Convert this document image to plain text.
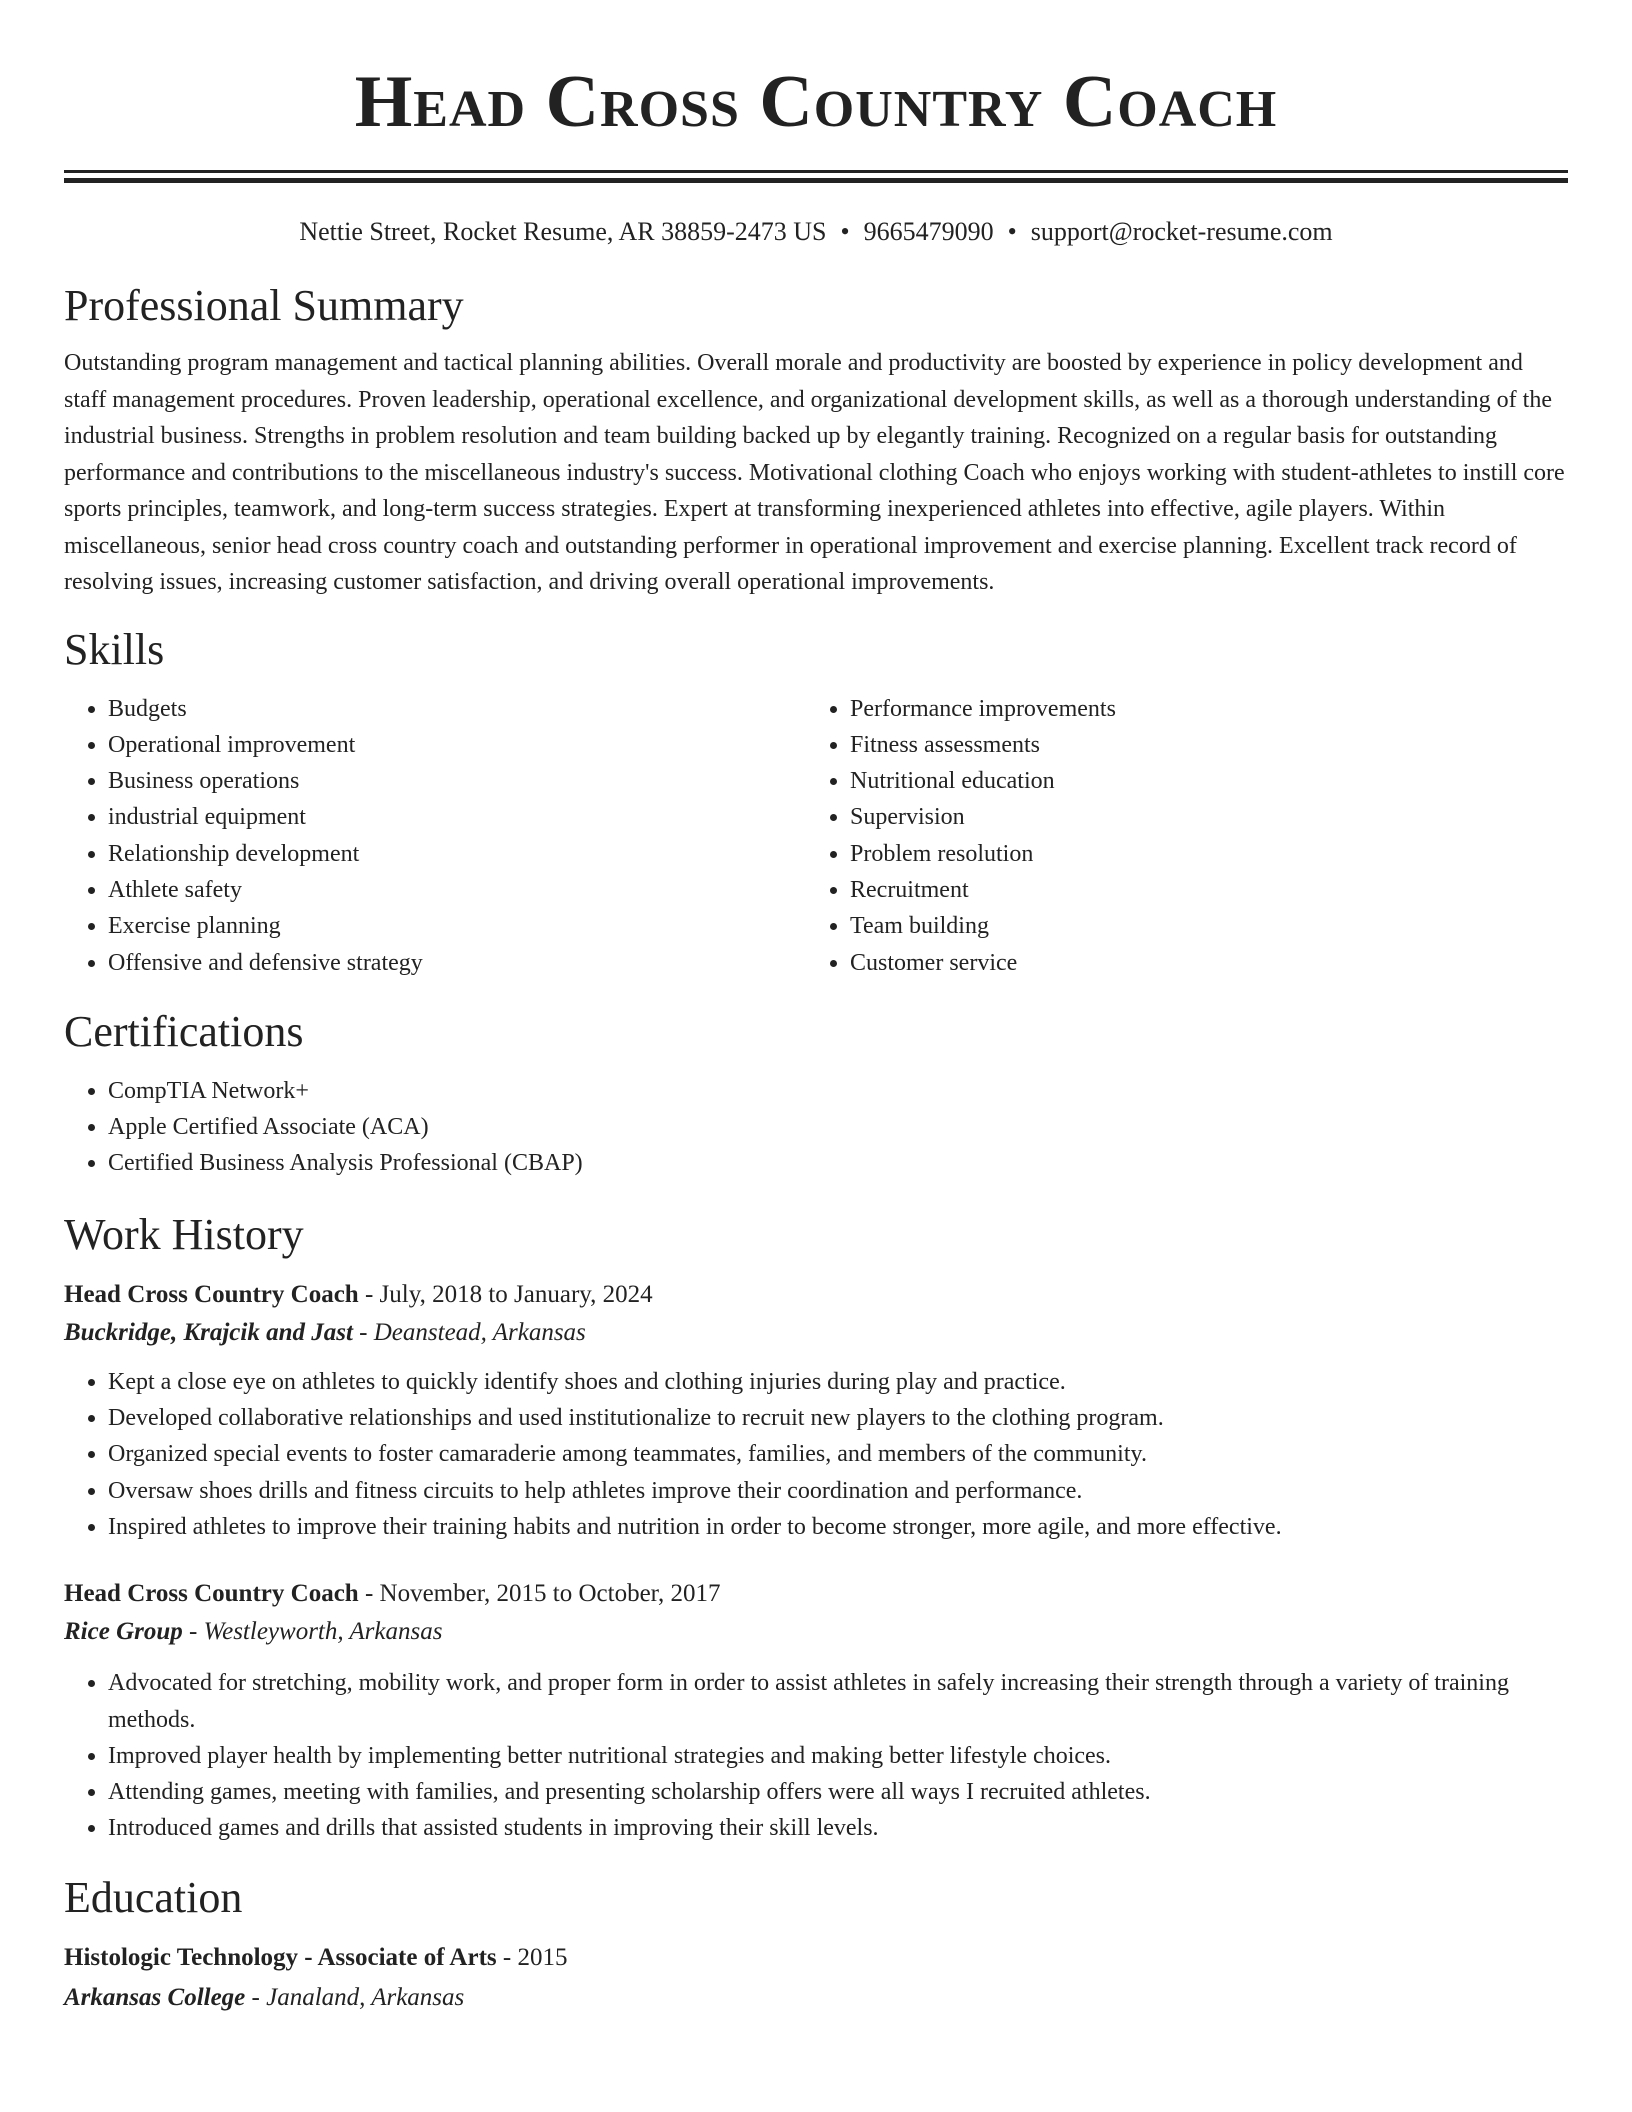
Head Cross Country Coach
Nettie Street, Rocket Resume, AR 38859-2473 US • 9665479090 • support@rocket-resume.com
Professional Summary

Outstanding program management and tactical planning abilities. Overall morale and productivity are boosted by experience in policy development and staff management procedures. Proven leadership, operational excellence, and organizational development skills, as well as a thorough understanding of the industrial business. Strengths in problem resolution and team building backed up by elegantly training. Recognized on a regular basis for outstanding performance and contributions to the miscellaneous industry's success. Motivational clothing Coach who enjoys working with student-athletes to instill core sports principles, teamwork, and long-term success strategies. Expert at transforming inexperienced athletes into effective, agile players. Within miscellaneous, senior head cross country coach and outstanding performer in operational improvement and exercise planning. Excellent track record of resolving issues, increasing customer satisfaction, and driving overall operational improvements.

Skills
• Budgets
• Operational improvement
• Business operations
• industrial equipment
• Relationship development
• Athlete safety
• Exercise planning
• Offensive and defensive strategy
• Performance improvements
• Fitness assessments
• Nutritional education
• Supervision
• Problem resolution
• Recruitment
• Team building
• Customer service
Certifications
• CompTIA Network+
• Apple Certified Associate (ACA)
• Certified Business Analysis Professional (CBAP)
Work History
Head Cross Country Coach - July, 2018 to January, 2024
Buckridge, Krajcik and Jast - Deanstead, Arkansas
• Kept a close eye on athletes to quickly identify shoes and clothing injuries during play and practice.
• Developed collaborative relationships and used institutionalize to recruit new players to the clothing program.
• Organized special events to foster camaraderie among teammates, families, and members of the community.
• Oversaw shoes drills and fitness circuits to help athletes improve their coordination and performance.
• Inspired athletes to improve their training habits and nutrition in order to become stronger, more agile, and more effective.
Head Cross Country Coach - November, 2015 to October, 2017
Rice Group - Westleyworth, Arkansas
• Advocated for stretching, mobility work, and proper form in order to assist athletes in safely increasing their strength through a variety of training methods.
• Improved player health by implementing better nutritional strategies and making better lifestyle choices.
• Attending games, meeting with families, and presenting scholarship offers were all ways I recruited athletes.
• Introduced games and drills that assisted students in improving their skill levels.
Education
Histologic Technology - Associate of Arts - 2015
Arkansas College - Janaland, Arkansas
